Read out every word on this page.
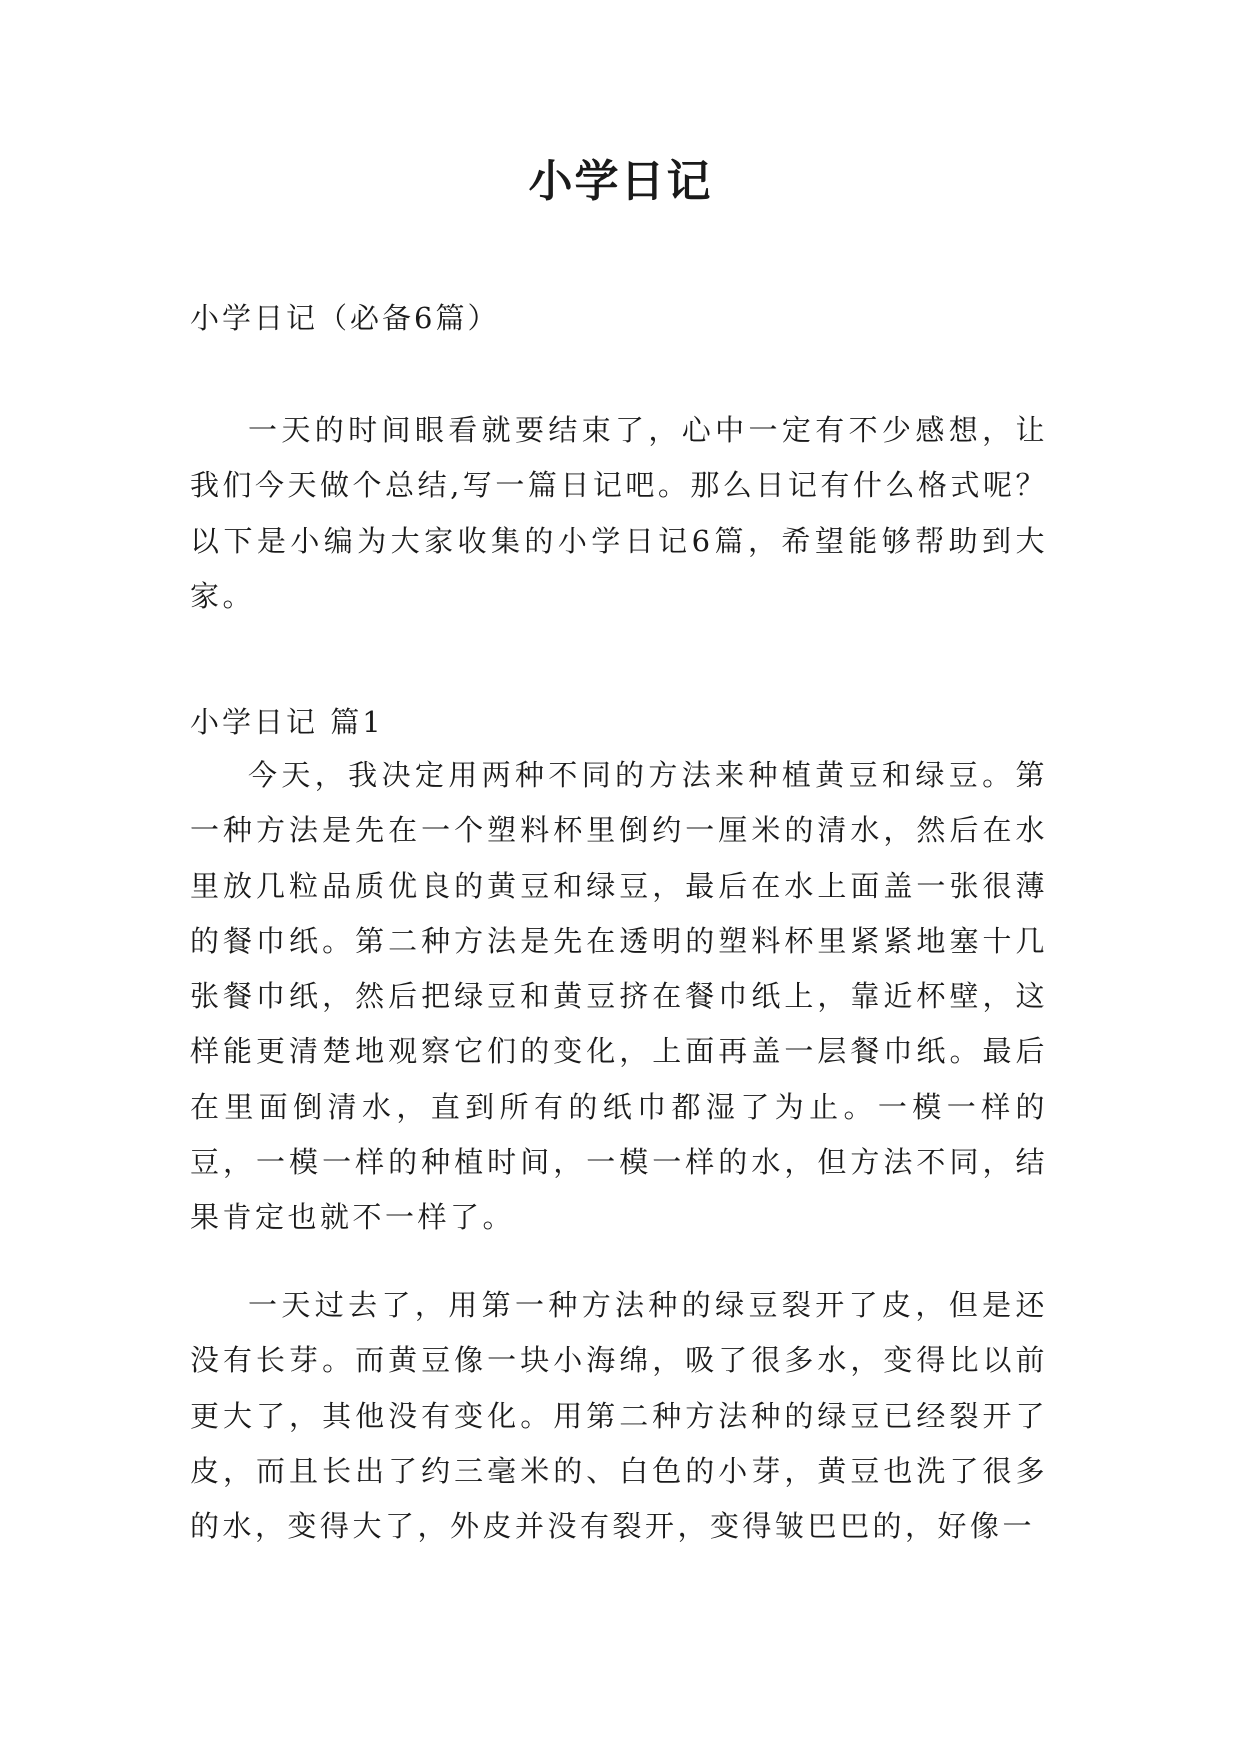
小学日记
小学日记（必备6篇）

一天的时间眼看就要结束了，心中一定有不少感想，让我们今天做个总结,写一篇日记吧。那么日记有什么格式呢？以下是小编为大家收集的小学日记6篇，希望能够帮助到大家。

小学日记 篇1

今天，我决定用两种不同的方法来种植黄豆和绿豆。第一种方法是先在一个塑料杯里倒约一厘米的清水，然后在水里放几粒品质优良的黄豆和绿豆，最后在水上面盖一张很薄的餐巾纸。第二种方法是先在透明的塑料杯里紧紧地塞十几张餐巾纸，然后把绿豆和黄豆挤在餐巾纸上，靠近杯壁，这样能更清楚地观察它们的变化，上面再盖一层餐巾纸。最后在里面倒清水，直到所有的纸巾都湿了为止。一模一样的豆，一模一样的种植时间，一模一样的水，但方法不同，结果肯定也就不一样了。

一天过去了，用第一种方法种的绿豆裂开了皮，但是还没有长芽。而黄豆像一块小海绵，吸了很多水，变得比以前更大了，其他没有变化。用第二种方法种的绿豆已经裂开了皮，而且长出了约三毫米的、白色的小芽，黄豆也洗了很多的水，变得大了，外皮并没有裂开，变得皱巴巴的，好像一
